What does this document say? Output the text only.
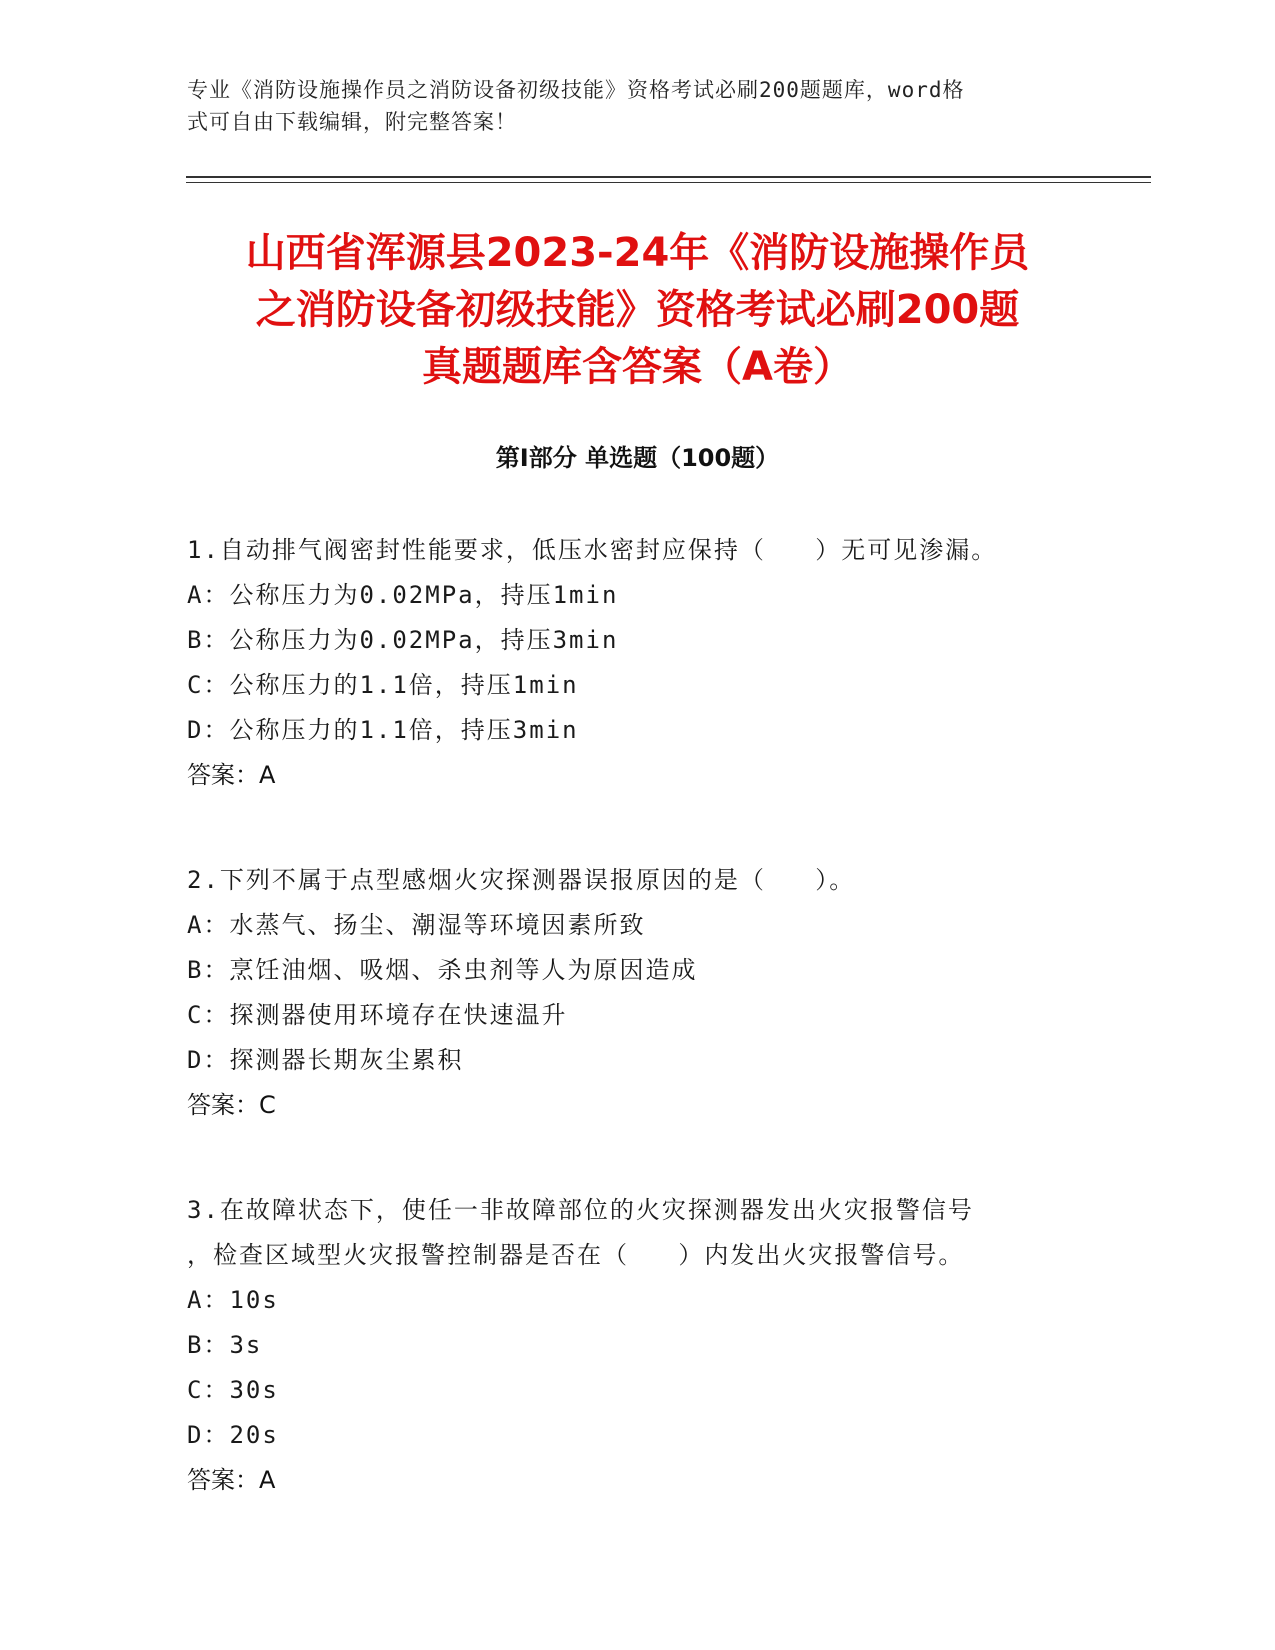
专业《消防设施操作员之消防设备初级技能》资格考试必刷200题题库，word格
式可自由下载编辑，附完整答案！
山西省浑源县2023-24年《消防设施操作员
之消防设备初级技能》资格考试必刷200题
真题题库含答案（A卷）
第Ⅰ部分 单选题（100题）

1.自动排气阀密封性能要求，低压水密封应保持（   ）无可见渗漏。

A：公称压力为0.02MPa，持压1min

B：公称压力为0.02MPa，持压3min

C：公称压力的1.1倍，持压1min

D：公称压力的1.1倍，持压3min

答案：A

2.下列不属于点型感烟火灾探测器误报原因的是（   ）。

A：水蒸气、扬尘、潮湿等环境因素所致

B：烹饪油烟、吸烟、杀虫剂等人为原因造成

C：探测器使用环境存在快速温升

D：探测器长期灰尘累积

答案：C

3.在故障状态下，使任一非故障部位的火灾探测器发出火灾报警信号

，检查区域型火灾报警控制器是否在（   ）内发出火灾报警信号。

A：10s

B：3s

C：30s

D：20s

答案：A
